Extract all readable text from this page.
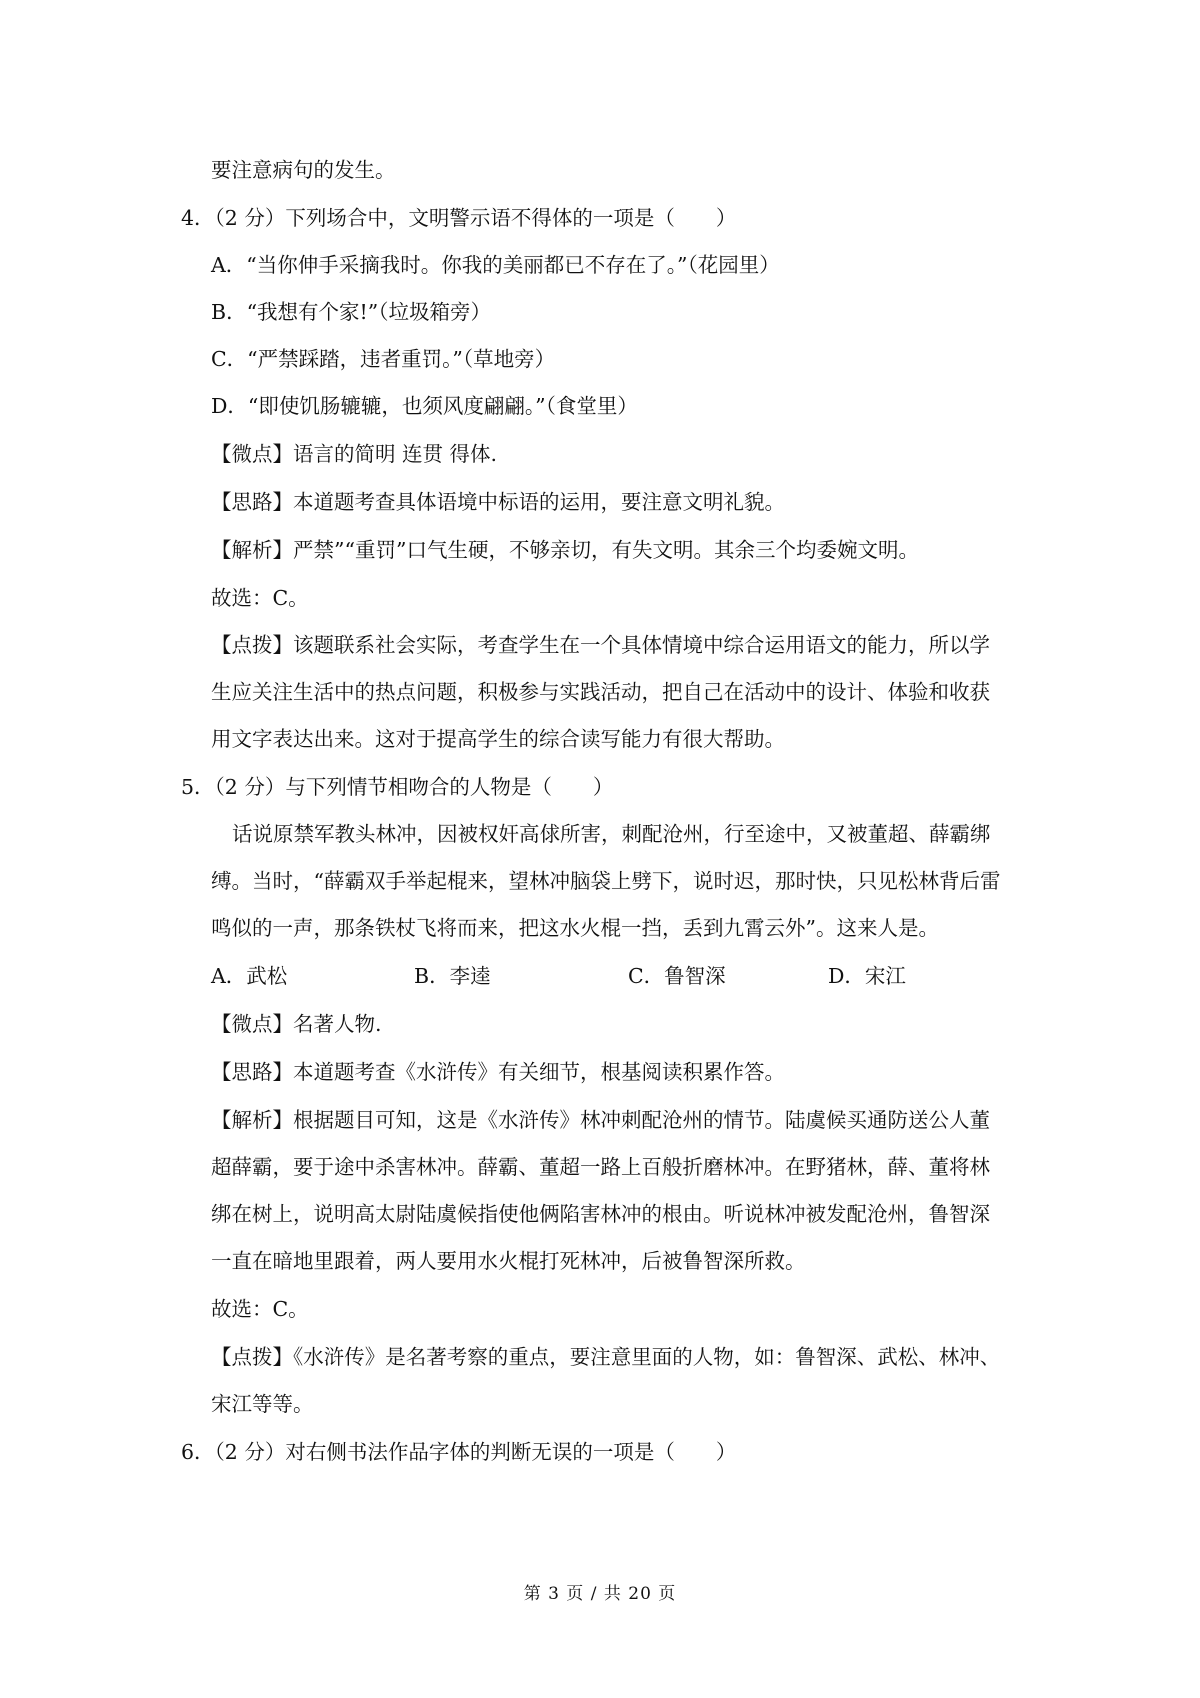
要注意病句的发生。
4．（2 分）下列场合中，文明警示语不得体的一项是（　　）
A．“当你伸手采摘我时。你我的美丽都已不存在了。”（花园里）
B．“我想有个家!”（垃圾箱旁）
C．“严禁踩踏，违者重罚。”（草地旁）
D．“即使饥肠辘辘，也须风度翩翩。”（食堂里）
【微点】语言的简明 连贯 得体.
【思路】本道题考查具体语境中标语的运用，要注意文明礼貌。
【解析】严禁”“重罚”口气生硬，不够亲切，有失文明。其余三个均委婉文明。
故选：C。
【点拨】该题联系社会实际，考查学生在一个具体情境中综合运用语文的能力，所以学
生应关注生活中的热点问题，积极参与实践活动，把自己在活动中的设计、体验和收获
用文字表达出来。这对于提高学生的综合读写能力有很大帮助。
5．（2 分）与下列情节相吻合的人物是（　　）
话说原禁军教头林冲，因被权奸高俅所害，刺配沧州，行至途中，又被董超、薛霸绑
缚。当时，“薛霸双手举起棍来，望林冲脑袋上劈下，说时迟，那时快，只见松林背后雷
鸣似的一声，那条铁杖飞将而来，把这水火棍一挡，丢到九霄云外”。这来人是。
A．武松	B．李逵	C．鲁智深	D．宋江
【微点】名著人物.
【思路】本道题考查《水浒传》有关细节，根基阅读积累作答。
【解析】根据题目可知，这是《水浒传》林冲刺配沧州的情节。陆虞候买通防送公人董
超薛霸，要于途中杀害林冲。薛霸、董超一路上百般折磨林冲。在野猪林，薛、董将林
绑在树上，说明高太尉陆虞候指使他俩陷害林冲的根由。听说林冲被发配沧州，鲁智深
一直在暗地里跟着，两人要用水火棍打死林冲，后被鲁智深所救。
故选：C。
【点拨】《水浒传》是名著考察的重点，要注意里面的人物，如：鲁智深、武松、林冲、
宋江等等。
6．（2 分）对右侧书法作品字体的判断无误的一项是（　　）
第 3 页 / 共 20 页
